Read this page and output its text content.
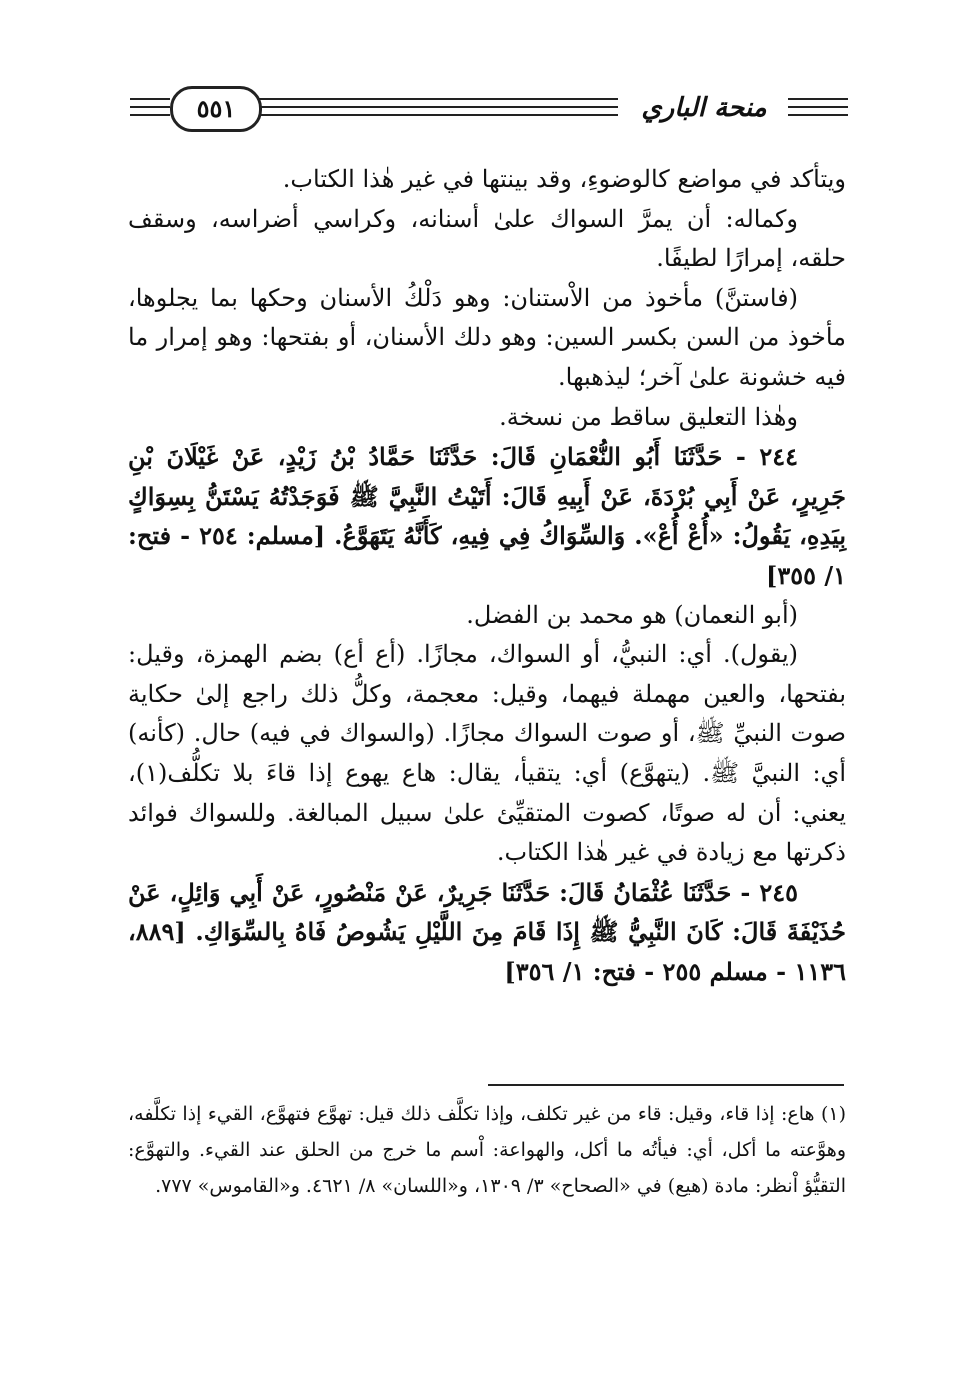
٥٥١	منحة الباري

ويتأكد في مواضع كالوضوءِ، وقد بينتها في غير هٰذا الكتاب.

وكماله: أن يمرَّ السواك علىٰ أسنانه، وكراسي أضراسه، وسقف حلقه، إمرارًا لطيفًا.

(فاستنَّ) مأخوذ من الاْستنان: وهو دَلْكُ الأسنان وحكها بما يجلوها، مأخوذ من السن بكسر السين: وهو دلك الأسنان، أو بفتحها: وهو إمرار ما فيه خشونة علىٰ آخر؛ ليذهبها.

وهٰذا التعليق ساقط من نسخة.

٢٤٤ - حَدَّثَنَا أَبُو النُّعْمَانِ قَالَ: حَدَّثَنَا حَمَّادُ بْنُ زَيْدٍ، عَنْ غَيْلَانَ بْنِ جَرِيرٍ، عَنْ أَبِي بُرْدَةَ، عَنْ أَبِيهِ قَالَ: أَتَيْتُ النَّبِيَّ ﷺ فَوَجَدْتُهُ يَسْتَنُّ بِسِوَاكٍ بِيَدِهِ، يَقُولُ: «أُعْ أُعْ». وَالسِّوَاكُ فِي فِيهِ، كَأَنَّهُ يَتَهَوَّعُ. [مسلم: ٢٥٤ - فتح: ١/ ٣٥٥]

(أبو النعمان) هو محمد بن الفضل.

(يقول). أي: النبيُّ، أو السواك، مجازًا. (أع أع) بضم الهمزة، وقيل: بفتحها، والعين مهملة فيهما، وقيل: معجمة، وكلُّ ذلك راجع إلىٰ حكاية صوت النبيِّ ﷺ، أو صوت السواك مجازًا. (والسواك في فيه) حال. (كأنه) أي: النبيَّ ﷺ. (يتهوَّع) أي: يتقيأ، يقال: هاع يهوع إذا قاءَ بلا تكلُّف(١)، يعني: أن له صوتًا، كصوت المتقيِّئ علىٰ سبيل المبالغة. وللسواك فوائد ذكرتها مع زيادة في غير هٰذا الكتاب.

٢٤٥ - حَدَّثَنَا عُثْمَانُ قَالَ: حَدَّثَنَا جَرِيرٌ، عَنْ مَنْصُورٍ، عَنْ أَبِي وَائِلٍ، عَنْ حُذَيْفَةَ قَالَ: كَانَ النَّبِيُّ ﷺ إِذَا قَامَ مِنَ اللَّيْلِ يَشُوصُ فَاهُ بِالسِّوَاكِ. [٨٨٩، ١١٣٦ - مسلم ٢٥٥ - فتح: ١/ ٣٥٦]

(١) هاع: إذا قاء، وقيل: قاء من غير تكلف، وإذا تكلَّف ذلك قيل: تهوَّع فتهوَّع، القيء إذا تكلَّفه، وهوَّعته ما أكل، أي: فيأتُه ما أكل، والهواعة: اْسم ما خرج من الحلق عند القيء. والتهوَّع: التقيُّؤ اْنظر: مادة (هيع) في «الصحاح» ٣/ ١٣٠٩، و«اللسان» ٨/ ٤٦٢١. و«القاموس» ٧٧٧.
